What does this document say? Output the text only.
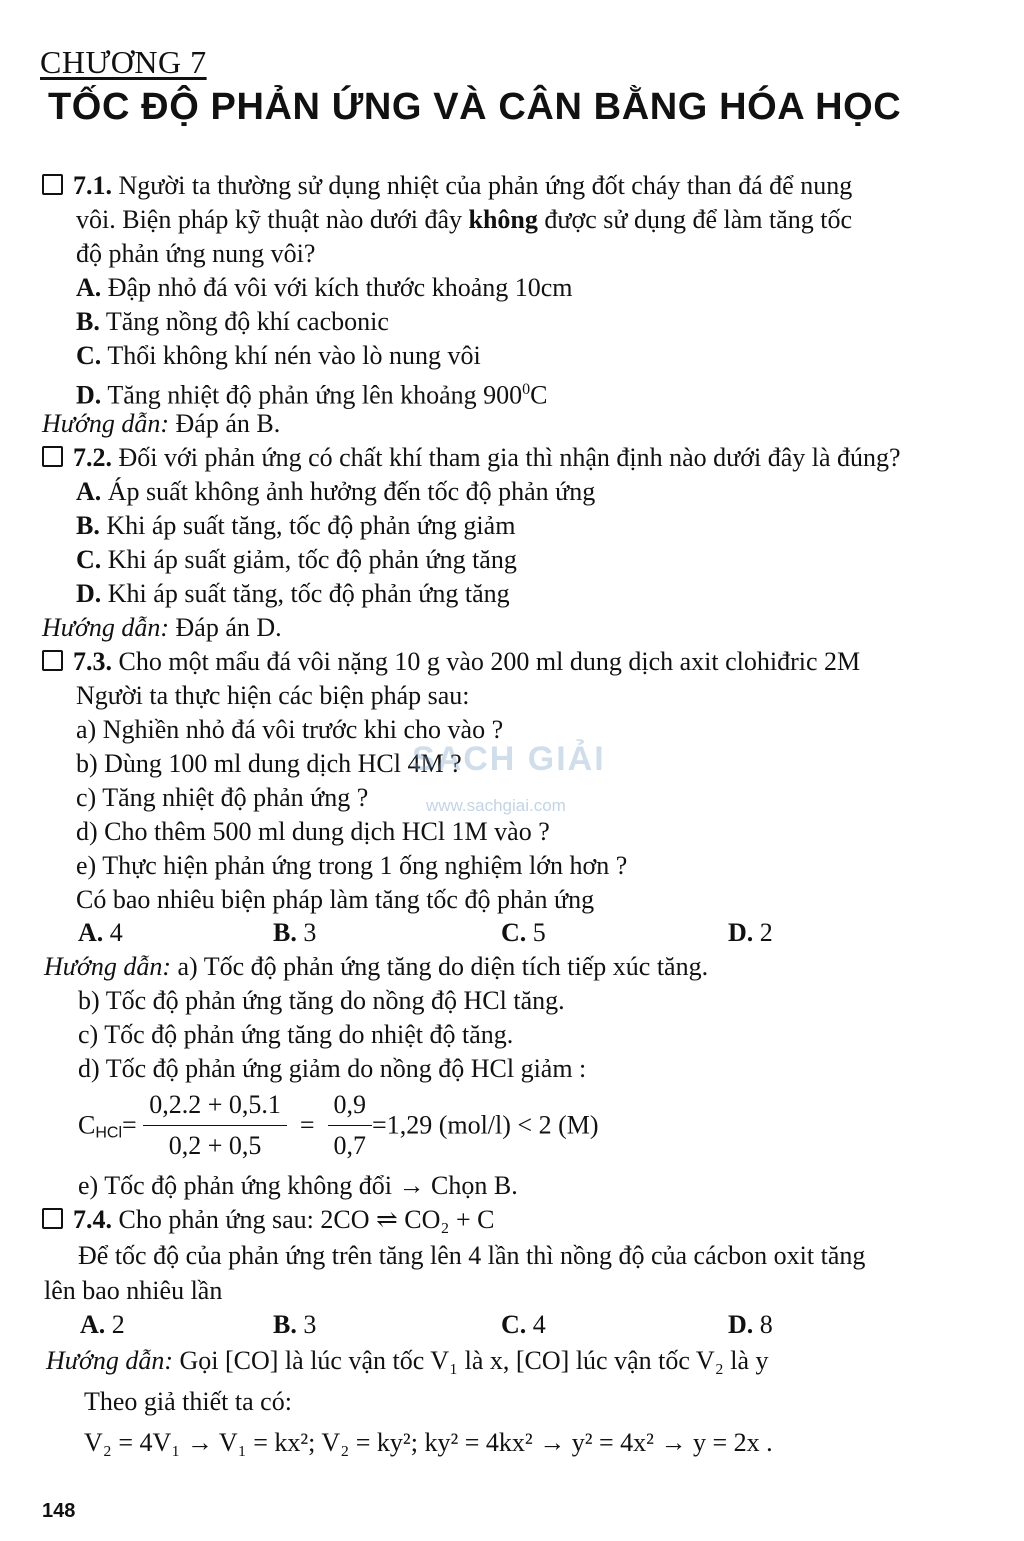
CHƯƠNG 7
TỐC ĐỘ PHẢN ỨNG VÀ CÂN BẰNG HÓA HỌC
7.1. Người ta thường sử dụng nhiệt của phản ứng đốt cháy than đá để nung
vôi. Biện pháp kỹ thuật nào dưới đây không được sử dụng để làm tăng tốc
độ phản ứng nung vôi?
A. Đập nhỏ đá vôi với kích thước khoảng 10cm
B. Tăng nồng độ khí cacbonic
C. Thổi không khí nén vào lò nung vôi
D. Tăng nhiệt độ phản ứng lên khoảng $900^0C$
Hướng dẫn: Đáp án B.
7.2. Đối với phản ứng có chất khí tham gia thì nhận định nào dưới đây là đúng?
A. Áp suất không ảnh hưởng đến tốc độ phản ứng
B. Khi áp suất tăng, tốc độ phản ứng giảm
C. Khi áp suất giảm, tốc độ phản ứng tăng
D. Khi áp suất tăng, tốc độ phản ứng tăng
Hướng dẫn: Đáp án D.
7.3. Cho một mẩu đá vôi nặng 10 g vào 200 ml dung dịch axit clohiđric 2M
Người ta thực hiện các biện pháp sau:
a) Nghiền nhỏ đá vôi trước khi cho vào ?
b) Dùng 100 ml dung dịch HCl 4M ?
c) Tăng nhiệt độ phản ứng ?
d) Cho thêm 500 ml dung dịch HCl 1M vào ?
e) Thực hiện phản ứng trong 1 ống nghiệm lớn hơn ?
Có bao nhiêu biện pháp làm tăng tốc độ phản ứng
A. 4	B. 3	C. 5	D. 2
Hướng dẫn: a) Tốc độ phản ứng tăng do diện tích tiếp xúc tăng.
b) Tốc độ phản ứng tăng do nồng độ HCl tăng.
c) Tốc độ phản ứng tăng do nhiệt độ tăng.
d) Tốc độ phản ứng giảm do nồng độ HCl giảm :
$C_{HCl}= \frac{0,2.2 + 0,5.1}{0,2 + 0,5} = \frac{0,9}{0,7} =1,29$ (mol/l) < 2 (M)
e) Tốc độ phản ứng không đổi → Chọn B.
7.4. Cho phản ứng sau: 2CO ⇌ CO₂ + C
Để tốc độ của phản ứng trên tăng lên 4 lần thì nồng độ của cácbon oxit tăng
lên bao nhiêu lần
A. 2	B. 3	C. 4	D. 8
Hướng dẫn: Gọi [CO] là lúc vận tốc V₁ là x, [CO] lúc vận tốc V₂ là y
Theo giả thiết ta có:
V₂ = 4V₁ → V₁ = kx²; V₂ = ky²; ky² = 4kx² → y² = 4x² → y = 2x .
SACH GIẢI
www.sachgiai.com
148
